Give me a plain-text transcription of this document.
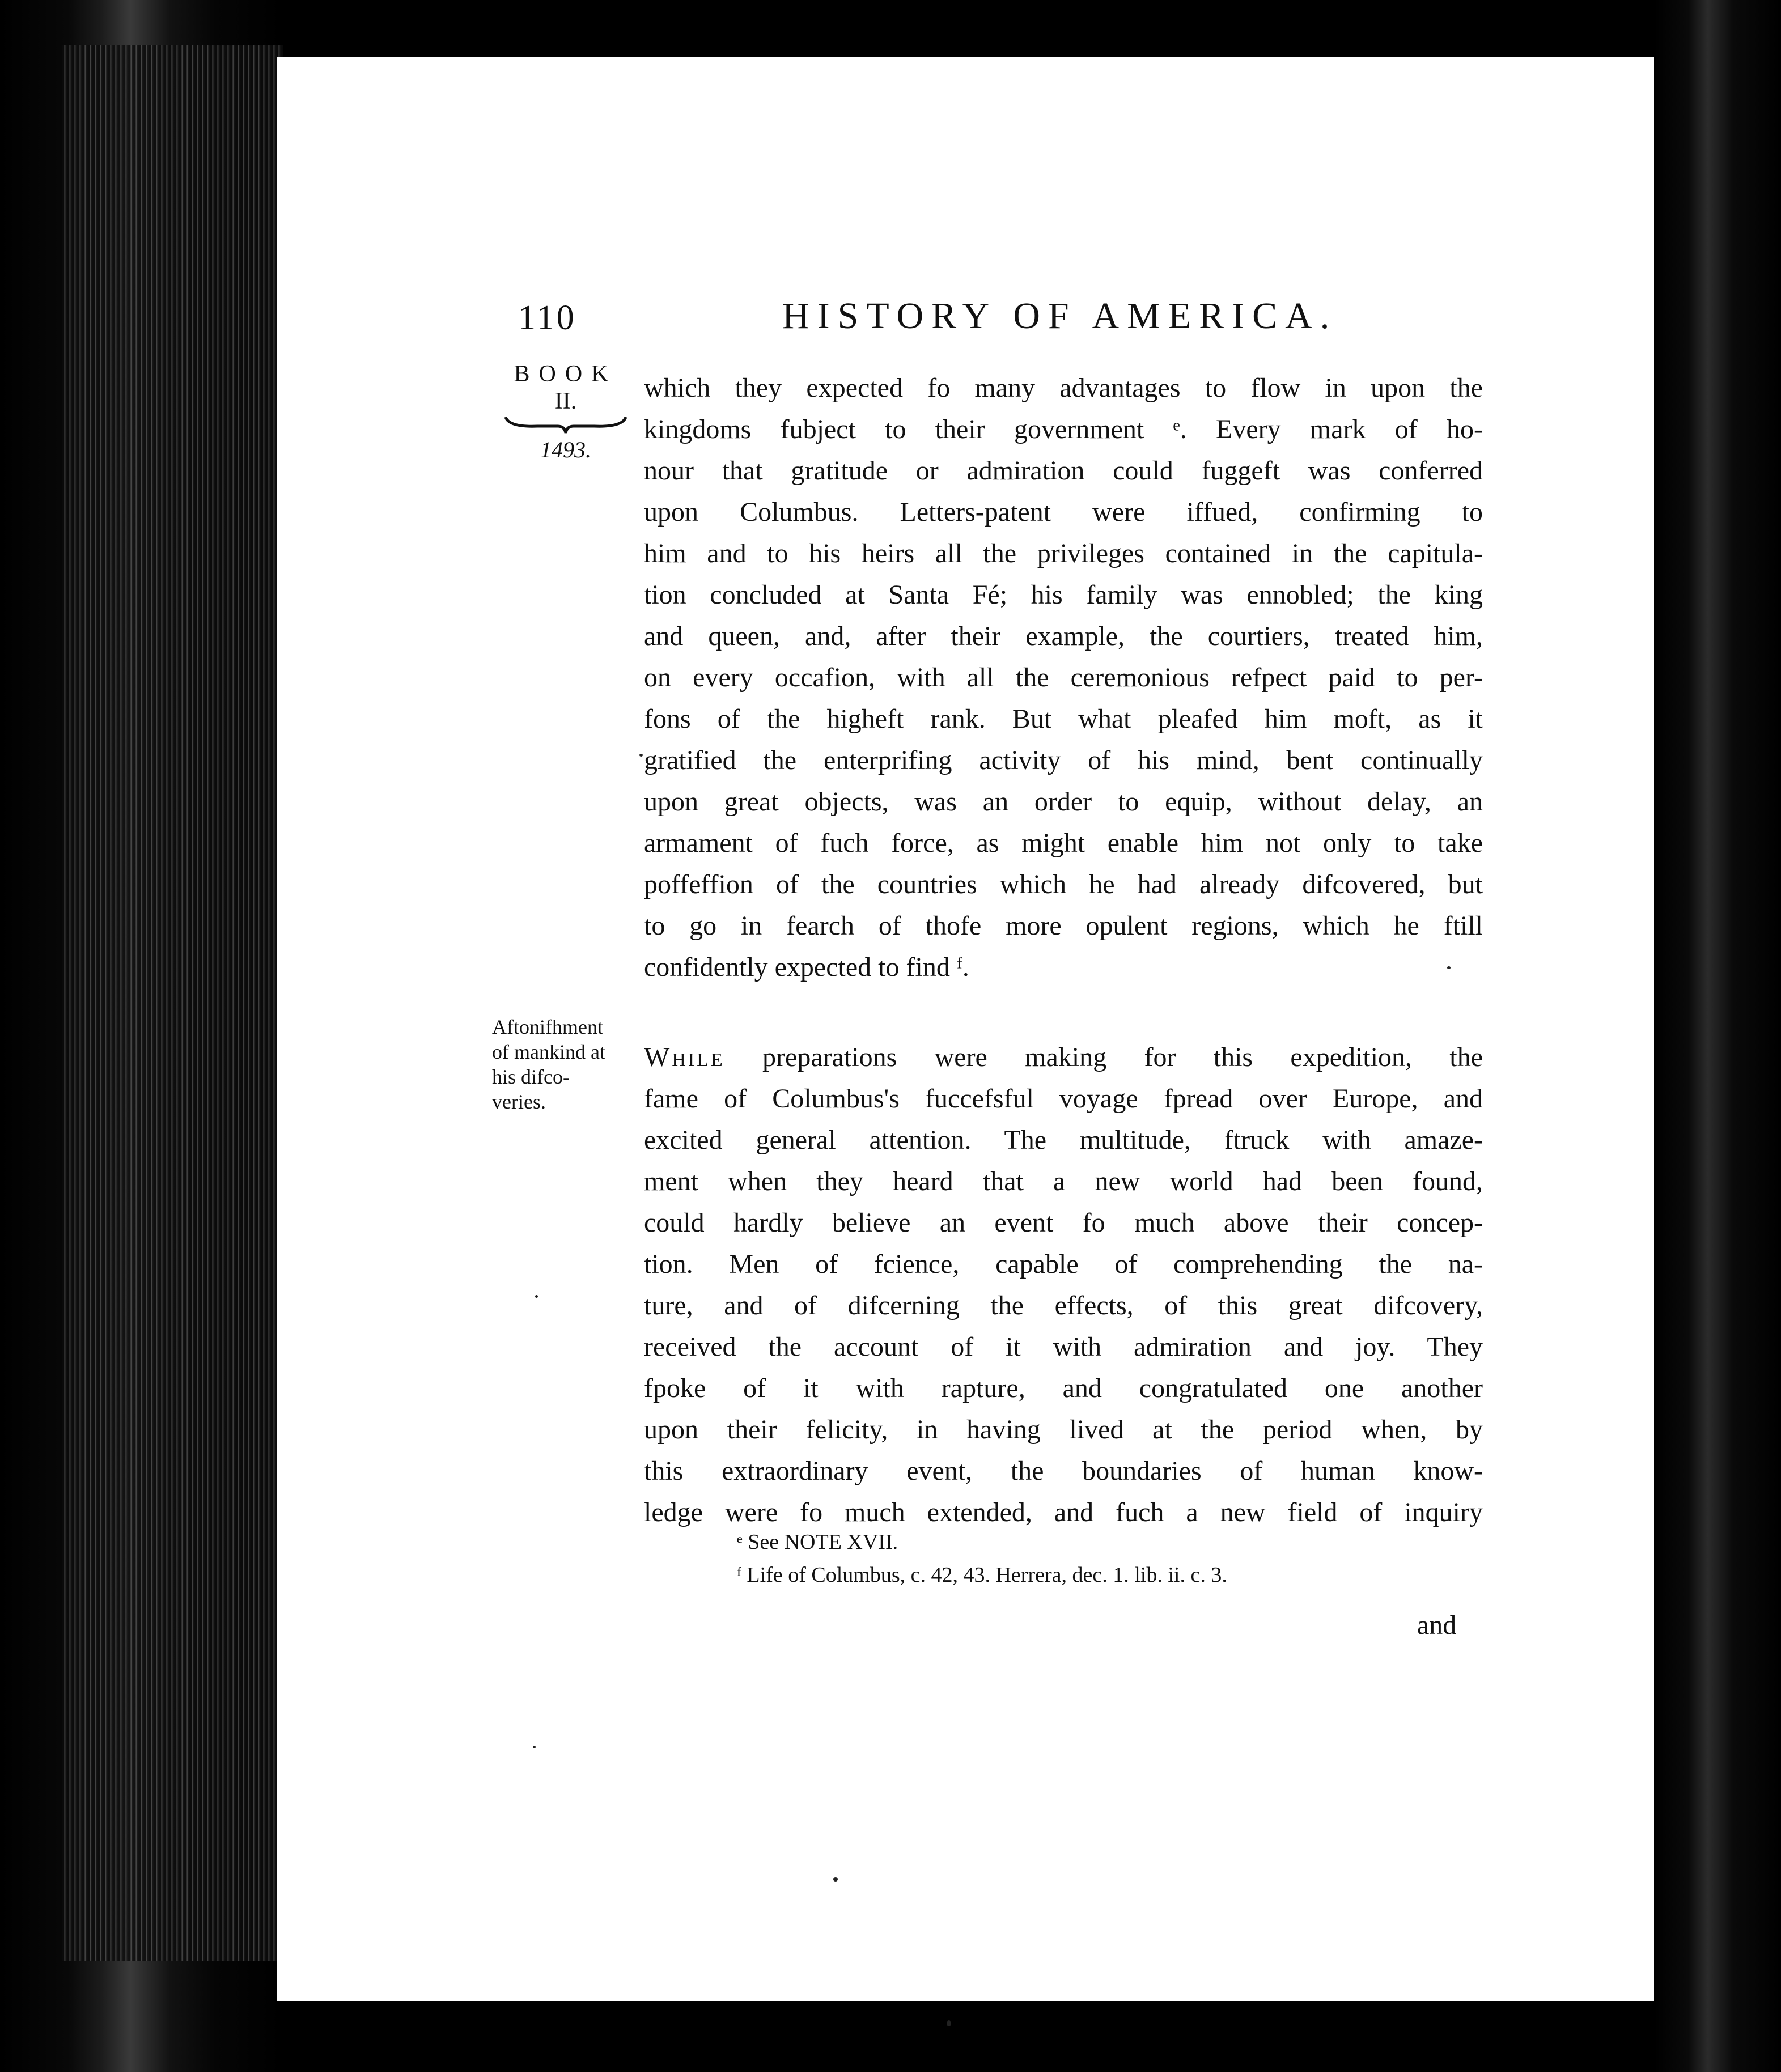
110	HISTORY OF AMERICA.
BOOK
II.
1493.
Aftonifhment
of mankind at
his difco-
veries.
which they expected fo many advantages to flow in upon the
kingdoms fubject to their government ᵉ. Every mark of ho-
nour that gratitude or admiration could fuggeft was conferred
upon Columbus. Letters-patent were iffued, confirming to
him and to his heirs all the privileges contained in the capitula-
tion concluded at Santa Fé; his family was ennobled; the king
and queen, and, after their example, the courtiers, treated him,
on every occafion, with all the ceremonious refpect paid to per-
fons of the higheft rank. But what pleafed him moft, as it
gratified the enterprifing activity of his mind, bent continually
upon great objects, was an order to equip, without delay, an
armament of fuch force, as might enable him not only to take
poffeffion of the countries which he had already difcovered, but
to go in fearch of thofe more opulent regions, which he ftill
confidently expected to find ᶠ.
While preparations were making for this expedition, the
fame of Columbus's fuccefsful voyage fpread over Europe, and
excited general attention. The multitude, ftruck with amaze-
ment when they heard that a new world had been found,
could hardly believe an event fo much above their concep-
tion. Men of fcience, capable of comprehending the na-
ture, and of difcerning the effects, of this great difcovery,
received the account of it with admiration and joy. They
fpoke of it with rapture, and congratulated one another
upon their felicity, in having lived at the period when, by
this extraordinary event, the boundaries of human know-
ledge were fo much extended, and fuch a new field of inquiry
ᵉ See NOTE XVII.
ᶠ Life of Columbus, c. 42, 43. Herrera, dec. 1. lib. ii. c. 3.
and
